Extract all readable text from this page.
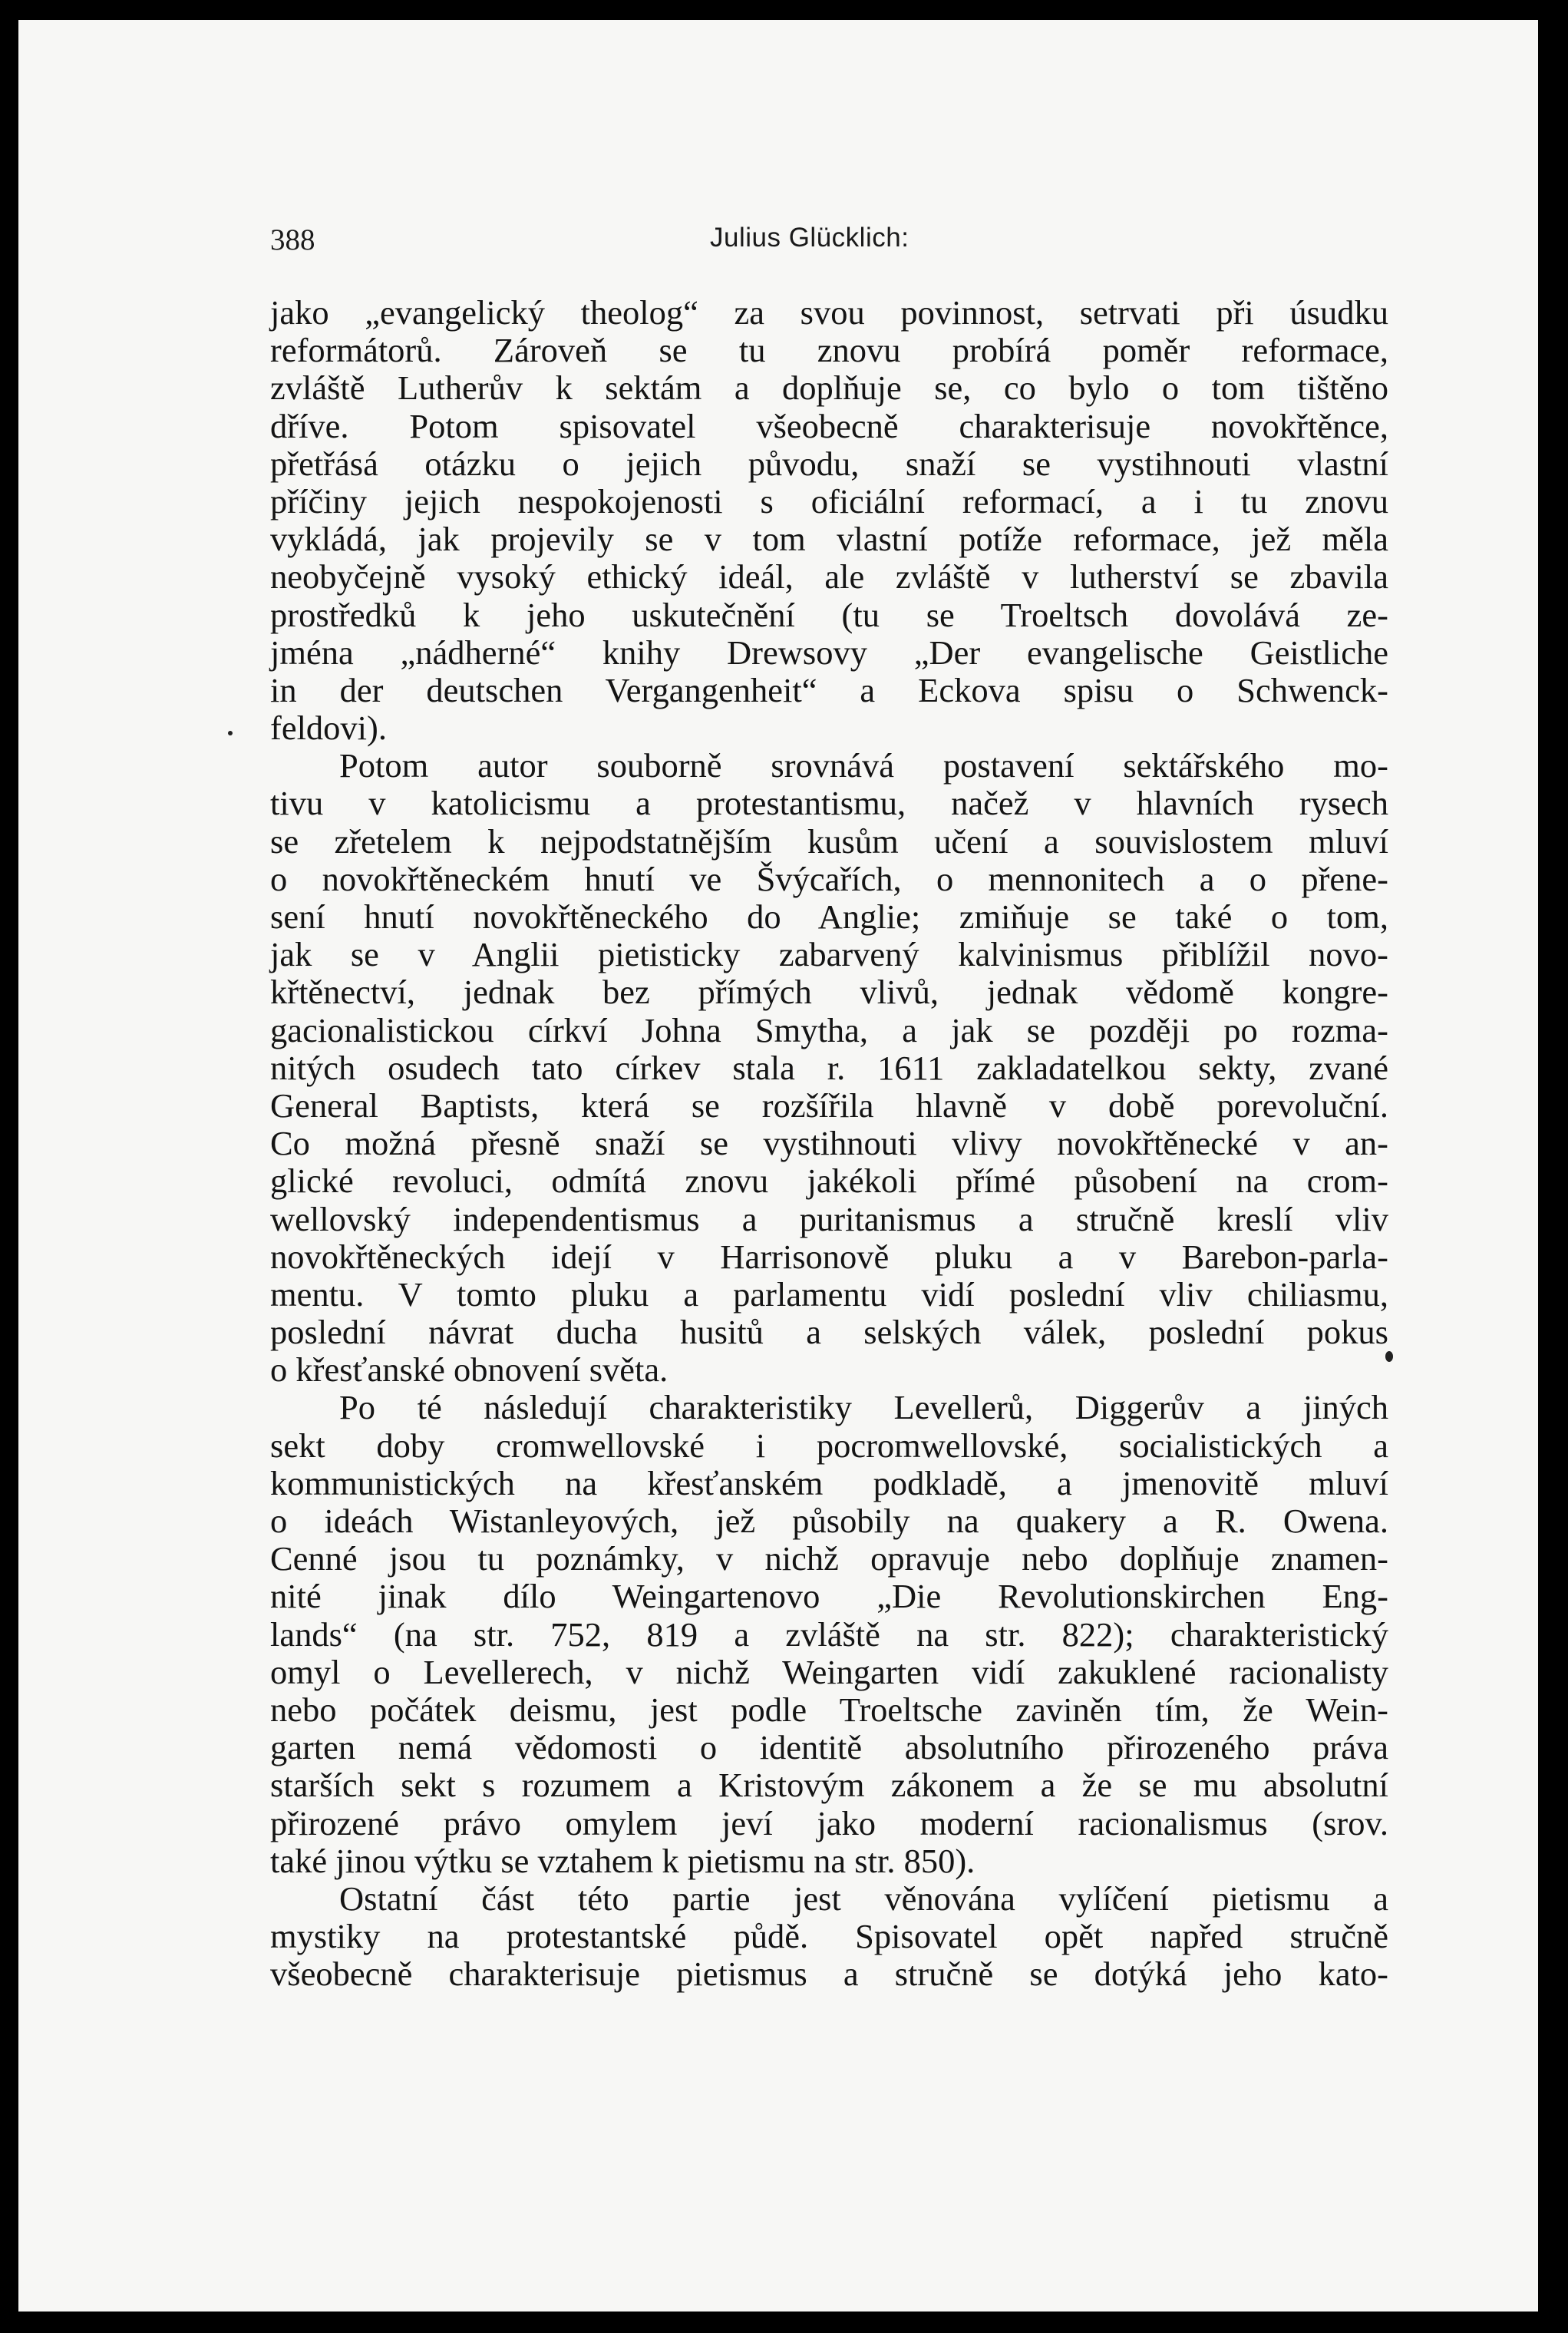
388	Julius Glücklich:
jako „evangelický theolog“ za svou povinnost, setrvati při úsudku
reformátorů. Zároveň se tu znovu probírá poměr reformace,
zvláště Lutherův k sektám a doplňuje se, co bylo o tom tištěno
dříve. Potom spisovatel všeobecně charakterisuje novokřtěnce,
přetřásá otázku o jejich původu, snaží se vystihnouti vlastní
příčiny jejich nespokojenosti s oficiální reformací, a i tu znovu
vykládá, jak projevily se v tom vlastní potíže reformace, jež měla
neobyčejně vysoký ethický ideál, ale zvláště v lutherství se zbavila
prostředků k jeho uskutečnění (tu se Troeltsch dovolává ze-
jména „nádherné“ knihy Drewsovy „Der evangelische Geistliche
in der deutschen Vergangenheit“ a Eckova spisu o Schwenck-
feldovi).
Potom autor souborně srovnává postavení sektářského mo-
tivu v katolicismu a protestantismu, načež v hlavních rysech
se zřetelem k nejpodstatnějším kusům učení a souvislostem mluví
o novokřtěneckém hnutí ve Švýcařích, o mennonitech a o přene-
sení hnutí novokřtěneckého do Anglie; zmiňuje se také o tom,
jak se v Anglii pietisticky zabarvený kalvinismus přiblížil novo-
křtěnectví, jednak bez přímých vlivů, jednak vědomě kongre-
gacionalistickou církví Johna Smytha, a jak se později po rozma-
nitých osudech tato církev stala r. 1611 zakladatelkou sekty, zvané
General Baptists, která se rozšířila hlavně v době porevoluční.
Co možná přesně snaží se vystihnouti vlivy novokřtěnecké v an-
glické revoluci, odmítá znovu jakékoli přímé působení na crom-
wellovský independentismus a puritanismus a stručně kreslí vliv
novokřtěneckých idejí v Harrisonově pluku a v Barebon-parla-
mentu. V tomto pluku a parlamentu vidí poslední vliv chiliasmu,
poslední návrat ducha husitů a selských válek, poslední pokus
o křesťanské obnovení světa.
Po té následují charakteristiky Levellerů, Diggerův a jiných
sekt doby cromwellovské i pocromwellovské, socialistických a
kommunistických na křesťanském podkladě, a jmenovitě mluví
o ideách Wistanleyových, jež působily na quakery a R. Owena.
Cenné jsou tu poznámky, v nichž opravuje nebo doplňuje znamen-
nité jinak dílo Weingartenovo „Die Revolutionskirchen Eng-
lands“ (na str. 752, 819 a zvláště na str. 822); charakteristický
omyl o Levellerech, v nichž Weingarten vidí zakuklené racionalisty
nebo počátek deismu, jest podle Troeltsche zaviněn tím, že Wein-
garten nemá vědomosti o identitě absolutního přirozeného práva
starších sekt s rozumem a Kristovým zákonem a že se mu absolutní
přirozené právo omylem jeví jako moderní racionalismus (srov.
také jinou výtku se vztahem k pietismu na str. 850).
Ostatní část této partie jest věnována vylíčení pietismu a
mystiky na protestantské půdě. Spisovatel opět napřed stručně
všeobecně charakterisuje pietismus a stručně se dotýká jeho kato-
